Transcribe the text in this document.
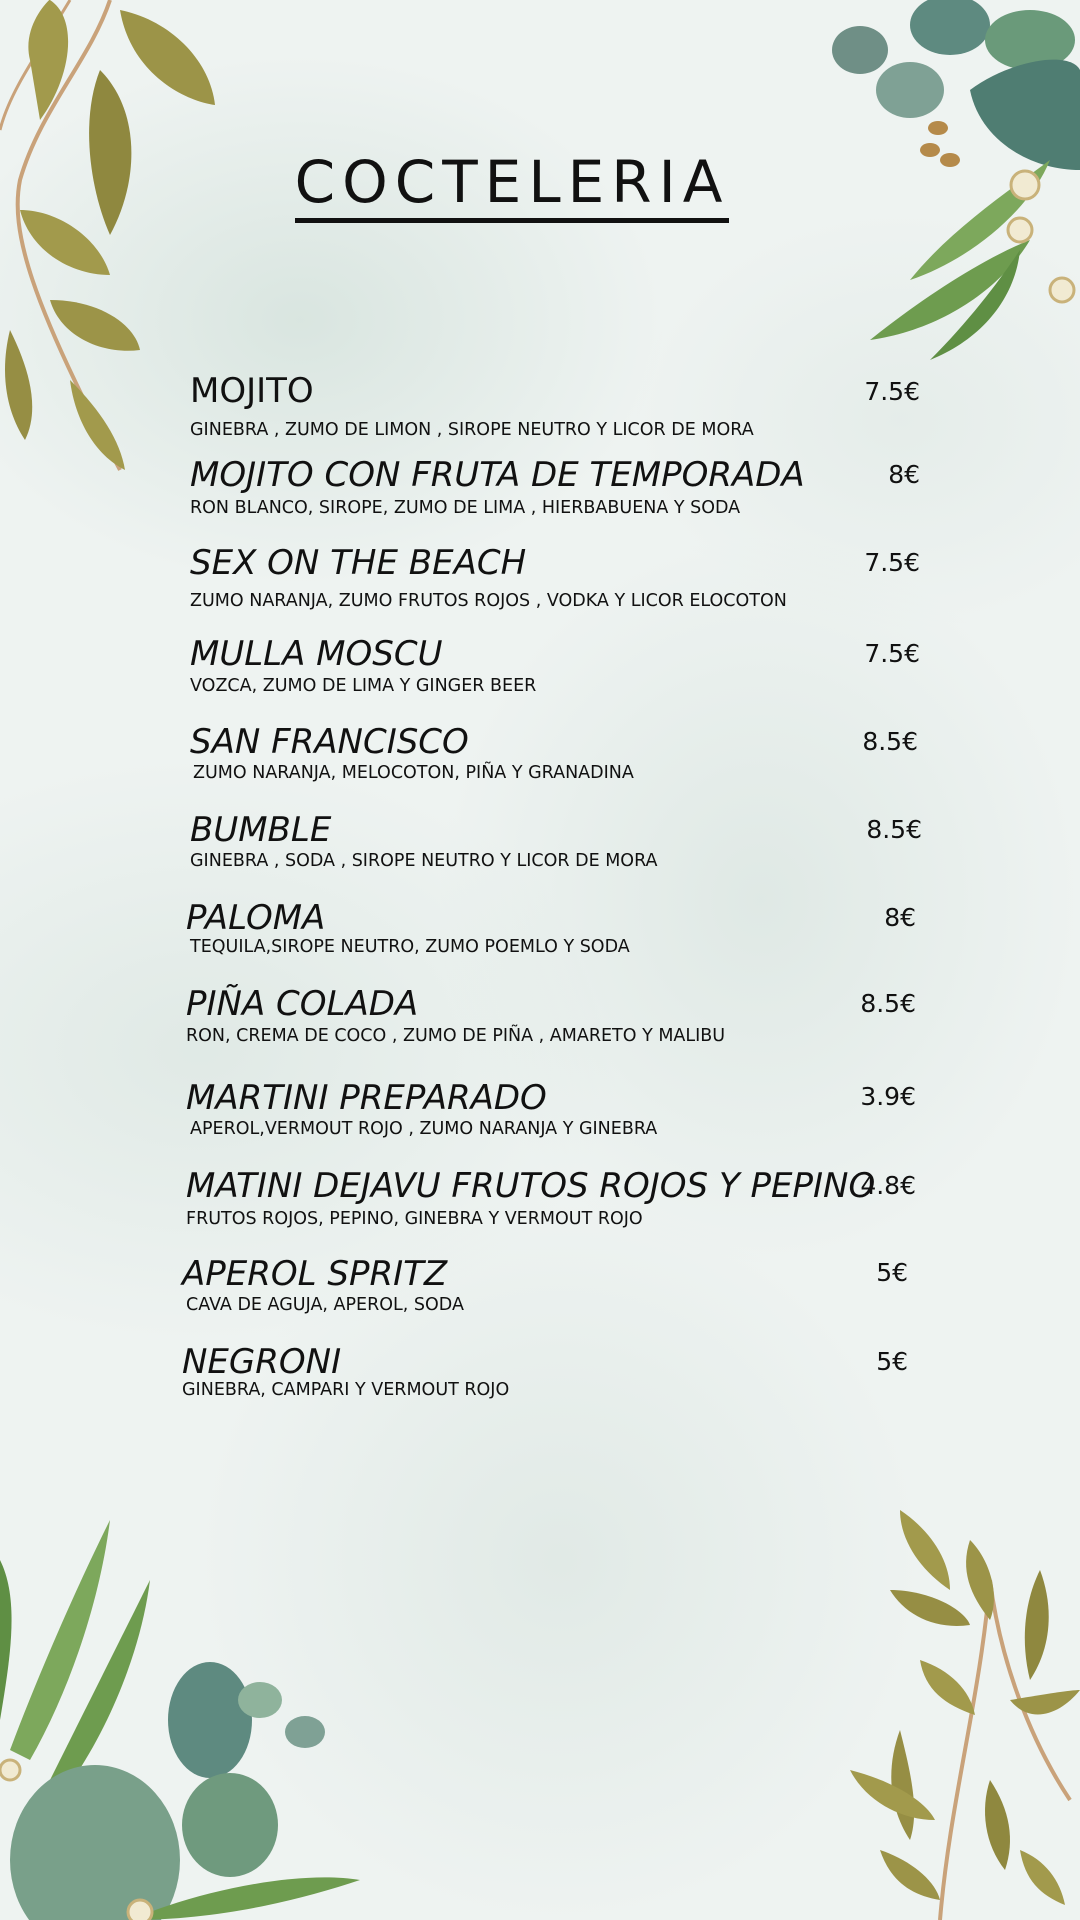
COCTELERIA
MOJITO
GINEBRA , ZUMO DE LIMON , SIROPE NEUTRO Y LICOR DE MORA
7.5€
MOJITO CON FRUTA DE TEMPORADA
RON BLANCO, SIROPE, ZUMO DE LIMA , HIERBABUENA Y SODA
8€
SEX ON THE BEACH
ZUMO NARANJA, ZUMO FRUTOS ROJOS , VODKA Y LICOR ELOCOTON
7.5€
MULLA MOSCU
VOZCA, ZUMO DE LIMA Y GINGER BEER
7.5€
SAN FRANCISCO
ZUMO NARANJA, MELOCOTON, PIÑA Y GRANADINA
8.5€
BUMBLE
GINEBRA , SODA , SIROPE NEUTRO Y LICOR DE MORA
8.5€
PALOMA
TEQUILA,SIROPE NEUTRO, ZUMO POEMLO Y SODA
8€
PIÑA COLADA
RON, CREMA DE COCO , ZUMO DE PIÑA , AMARETO Y MALIBU
8.5€
MARTINI PREPARADO
APEROL,VERMOUT ROJO , ZUMO NARANJA Y GINEBRA
3.9€
MATINI DEJAVU FRUTOS ROJOS Y PEPINO
FRUTOS ROJOS, PEPINO, GINEBRA Y VERMOUT ROJO
4.8€
APEROL SPRITZ
CAVA DE AGUJA, APEROL, SODA
5€
NEGRONI
GINEBRA, CAMPARI Y VERMOUT ROJO
5€
